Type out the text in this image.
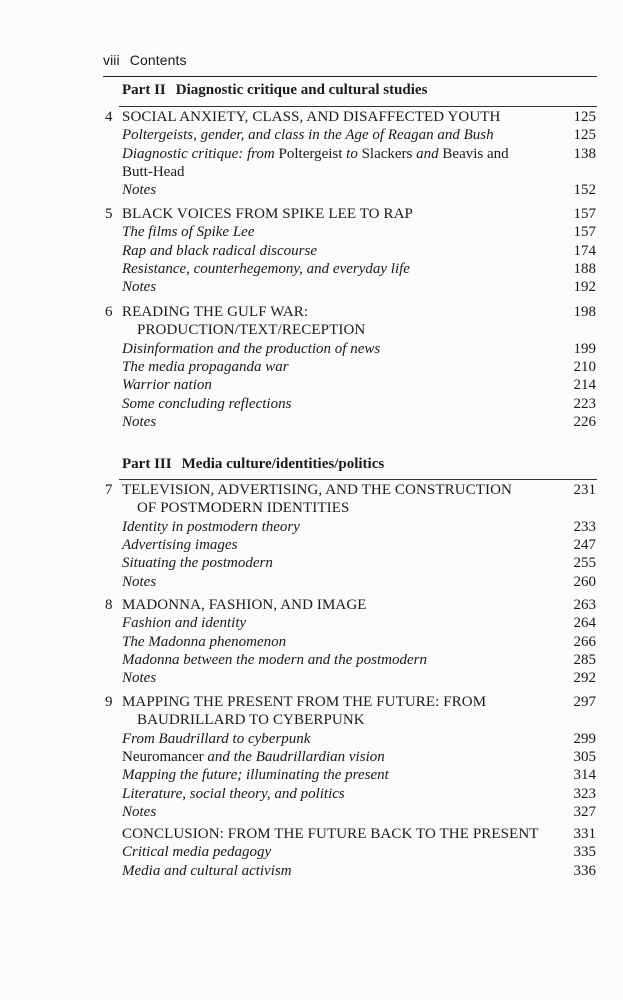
viii Contents
Part II Diagnostic critique and cultural studies
Part III Media culture/identities/politics
4 SOCIAL ANXIETY, CLASS, AND DISAFFECTED YOUTH	125
Poltergeists, gender, and class in the Age of Reagan and Bush	125
Diagnostic critique: from Poltergeist to Slackers and Beavis and	138
Butt-Head
Notes	152
5 BLACK VOICES FROM SPIKE LEE TO RAP	157
The films of Spike Lee	157
Rap and black radical discourse	174
Resistance, counterhegemony, and everyday life	188
Notes	192
6 READING THE GULF WAR:	198
PRODUCTION/TEXT/RECEPTION
Disinformation and the production of news	199
The media propaganda war	210
Warrior nation	214
Some concluding reflections	223
Notes	226
7 TELEVISION, ADVERTISING, AND THE CONSTRUCTION	231
OF POSTMODERN IDENTITIES
Identity in postmodern theory	233
Advertising images	247
Situating the postmodern	255
Notes	260
8 MADONNA, FASHION, AND IMAGE	263
Fashion and identity	264
The Madonna phenomenon	266
Madonna between the modern and the postmodern	285
Notes	292
9 MAPPING THE PRESENT FROM THE FUTURE: FROM	297
BAUDRILLARD TO CYBERPUNK
From Baudrillard to cyberpunk	299
Neuromancer and the Baudrillardian vision	305
Mapping the future; illuminating the present	314
Literature, social theory, and politics	323
Notes	327
CONCLUSION: FROM THE FUTURE BACK TO THE PRESENT 331
Critical media pedagogy	335
Media and cultural activism	336
